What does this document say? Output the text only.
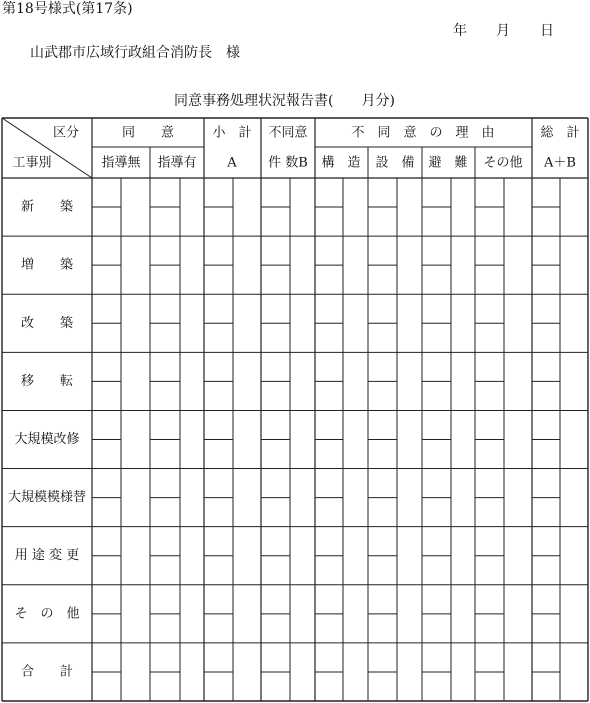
第18号様式(第17条)
年 月 日
山武郡市広域行政組合消防長　様
同意事務処理状況報告書(　　月分)
区分
工事別
同　　意
指導無 指導有
小　計
A
不同意
件 数B
不　同　意　の　理　由
構　造 設　備 避　難 その他
総　計
A＋B
新　　築
増　　築
改　　築
移　　転
大規模改修
大規模模様替
用 途 変 更
そ　の　他
合　　計
